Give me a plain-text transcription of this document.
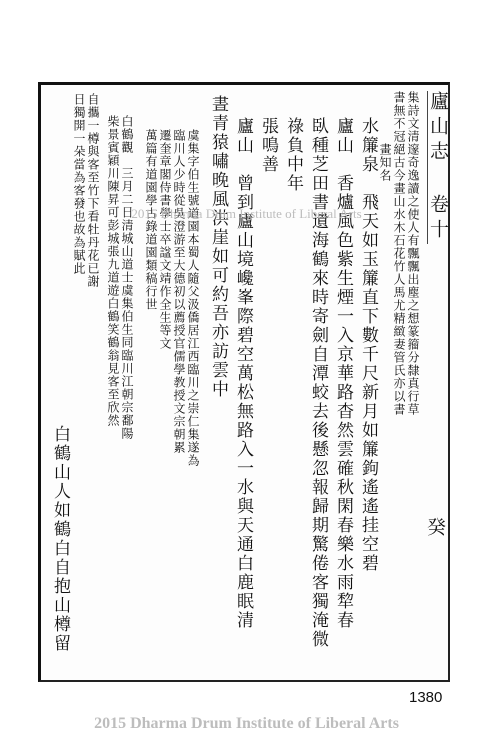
廬山志 卷十
癸
集詩文清邃奇逸讀之使人有飄飄出塵之想篆籀分隸真行草
書無不冠絕古今畫山水木石花竹人馬尤精緻妻管氏亦以書
畫知名
水簾泉　飛天如玉簾直下數千尺新月如簾鉤遙遙挂空碧
廬山　香爐風色紫生煙一入京華路杳然雲確秋閑春樂水雨犂春
臥種芝田書遺海鶴來時寄劍自潭蛟去後懸忽報歸期驚倦客獨淹微
祿負中年
張鳴善
廬山　曾到廬山境巉峯際碧空萬松無路入一水與天通白鹿眠清
晝青猿嘯晚風洪崖如可約吾亦訪雲中
虞集字伯生號道園本蜀人隨父汲僑居江西臨川之崇仁集遂為
臨川人少時從吳澄游至大德初以薦授官儒學教授文宗朝累
遷奎章閣侍書學士卒諡文靖作全生等文
萬篇有道園學古錄道園類稿行世
白鶴觀　三月二日清城山道士虞集伯生同臨川江朝宗鄱陽
柴景賓穎川陳昇可彭城張九道遊白鶴笑鶴翁見客至欣然
自攜一樽與客至竹下看牡丹花已謝
日獨開一朵當為客發也故為賦此
白鶴山人如鶴白自抱山樽留
2015 Dharma Drum Institute of Liberal Arts
1380
2015 Dharma Drum Institute of Liberal Arts
